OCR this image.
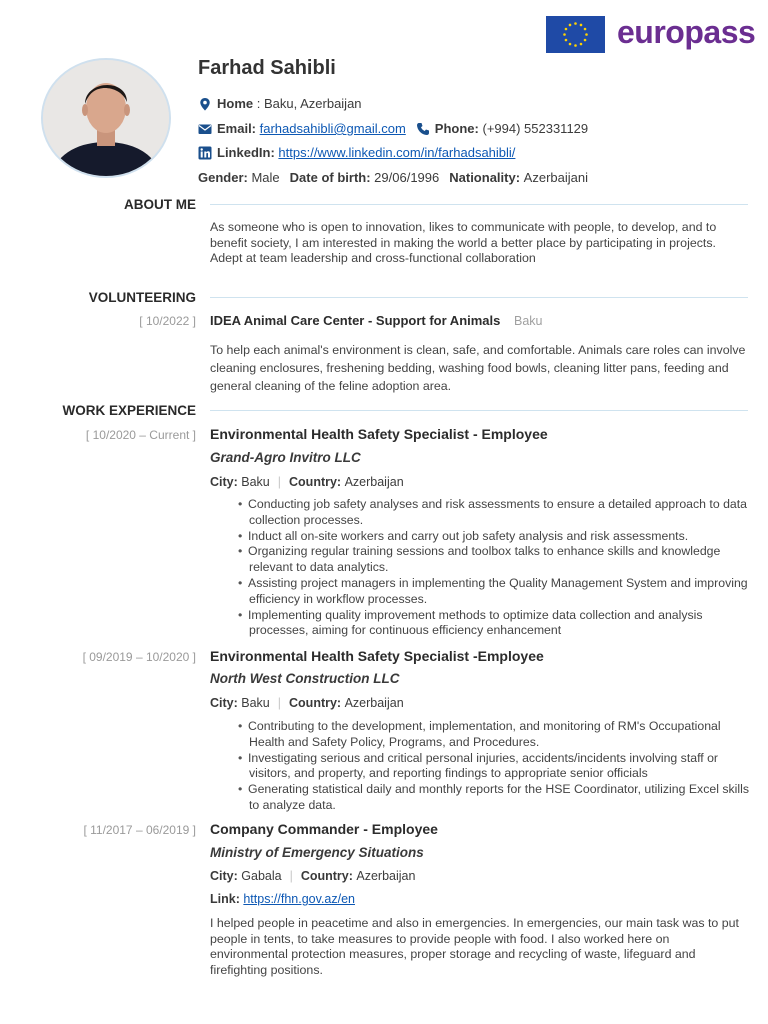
europass
Farhad Sahibli
Home : Baku, Azerbaijan
Email:
farhadsahibli@gmail.com Phone:
(+994) 552331129
LinkedIn:
https://www.linkedin.com/in/farhadsahibli/
Gender:
Male Date of birth:
29/06/1996 Nationality:
Azerbaijani
ABOUT ME
As someone who is open to innovation, likes to communicate with people, to develop, and to benefit society, I am interested in making the world a better place by participating in projects. Adept at team leadership and cross-functional collaboration
VOLUNTEERING
[ 10/2022 ] IDEA Animal Care Center - Support for Animals Baku
To help each animal's environment is clean, safe, and comfortable. Animals care roles can involve cleaning enclosures, freshening bedding, washing food bowls, cleaning litter pans, feeding and general cleaning of the feline adoption area.
WORK EXPERIENCE
[ 10/2020 – Current ] Environmental Health Safety Specialist - Employee
Grand-Agro Invitro LLC
City: Baku | Country: Azerbaijan
• Conducting job safety analyses and risk assessments to ensure a detailed approach to data collection processes.
• Induct all on-site workers and carry out job safety analysis and risk assessments.
• Organizing regular training sessions and toolbox talks to enhance skills and knowledge relevant to data analytics.
• Assisting project managers in implementing the Quality Management System and improving efficiency in workflow processes.
• Implementing quality improvement methods to optimize data collection and analysis processes, aiming for continuous efficiency enhancement
[ 09/2019 – 10/2020 ] Environmental Health Safety Specialist -Employee
North West Construction LLC
City: Baku | Country: Azerbaijan
• Contributing to the development, implementation, and monitoring of RM's Occupational Health and Safety Policy, Programs, and Procedures.
• Investigating serious and critical personal injuries, accidents/incidents involving staff or visitors, and property, and reporting findings to appropriate senior officials
• Generating statistical daily and monthly reports for the HSE Coordinator, utilizing Excel skills to analyze data.
[ 11/2017 – 06/2019 ] Company Commander - Employee
Ministry of Emergency Situations
City: Gabala | Country: Azerbaijan
Link: https://fhn.gov.az/en
I helped people in peacetime and also in emergencies. In emergencies, our main task was to put people in tents, to take measures to provide people with food. I also worked here on environmental protection measures, proper storage and recycling of waste, lifeguard and firefighting positions.
